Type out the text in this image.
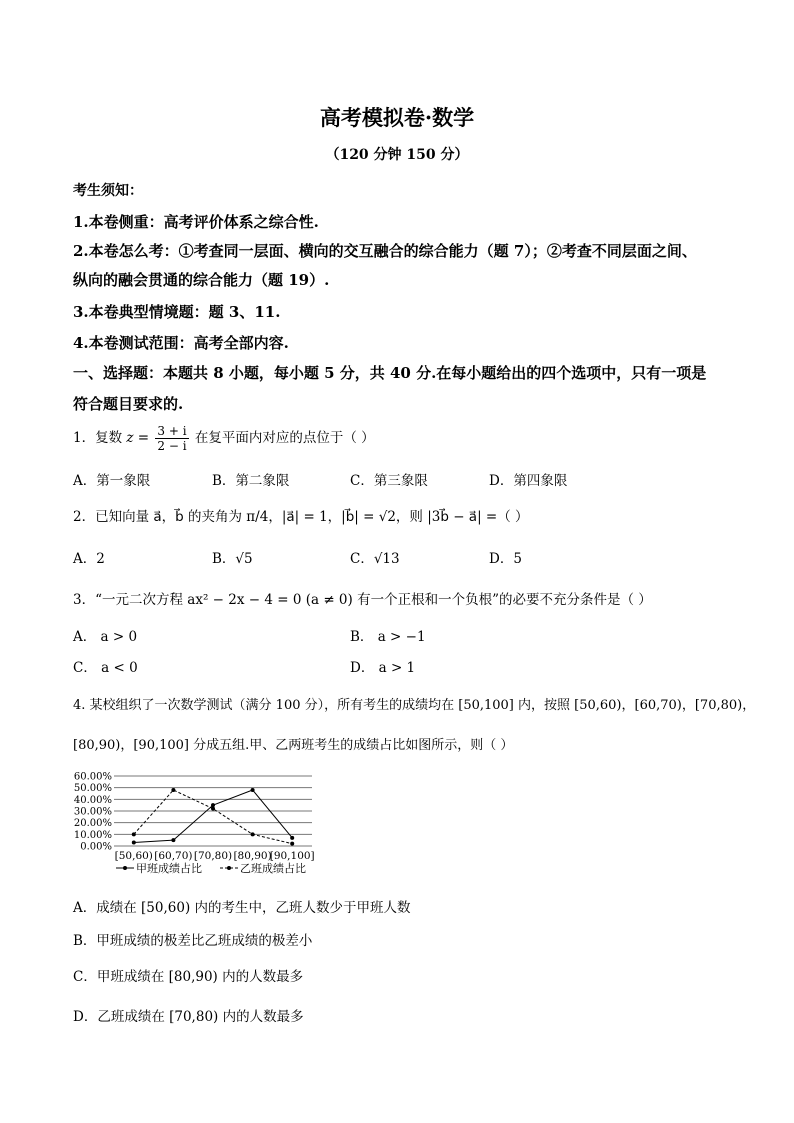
高考模拟卷·数学
（120 分钟 150 分）
考生须知：
1.本卷侧重：高考评价体系之综合性.
2.本卷怎么考：①考查同一层面、横向的交互融合的综合能力（题 7）；②考查不同层面之间、
纵向的融会贯通的综合能力（题 19）.
3.本卷典型情境题：题 3、11.
4.本卷测试范围：高考全部内容.
一、选择题：本题共 8 小题，每小题 5 分，共 40 分.在每小题给出的四个选项中，只有一项是
符合题目要求的.
1．复数 $z = \frac{3 + i}{2 - i}$ 在复平面内对应的点位于（ ）
A．第一象限	B．第二象限	C．第三象限	D．第四象限
2．已知向量 a⃗，b⃗ 的夹角为 π/4，|a⃗| = 1，|b⃗| = √2，则 |3b⃗ − a⃗| =（ ）
A．2	B．√5	C．√13	D．5
3．“一元二次方程 ax² − 2x − 4 = 0 (a ≠ 0) 有一个正根和一个负根”的必要不充分条件是（ ）
A． a > 0	B． a > −1
C． a < 0	D． a > 1
4. 某校组织了一次数学测试（满分 100 分），所有考生的成绩均在 [50,100] 内，按照 [50,60)，[60,70)，[70,80)，
[80,90)，[90,100] 分成五组.甲、乙两班考生的成绩占比如图所示，则（ ）
60.00%
50.00%
40.00%
30.00%
20.00%
10.00%
0.00%
[50,60) [60,70) [70,80) [80,90)
[90,100]
甲班成绩占比	乙班成绩占比
A．成绩在 [50,60) 内的考生中，乙班人数少于甲班人数
B．甲班成绩的极差比乙班成绩的极差小
C．甲班成绩在 [80,90) 内的人数最多
D．乙班成绩在 [70,80) 内的人数最多
